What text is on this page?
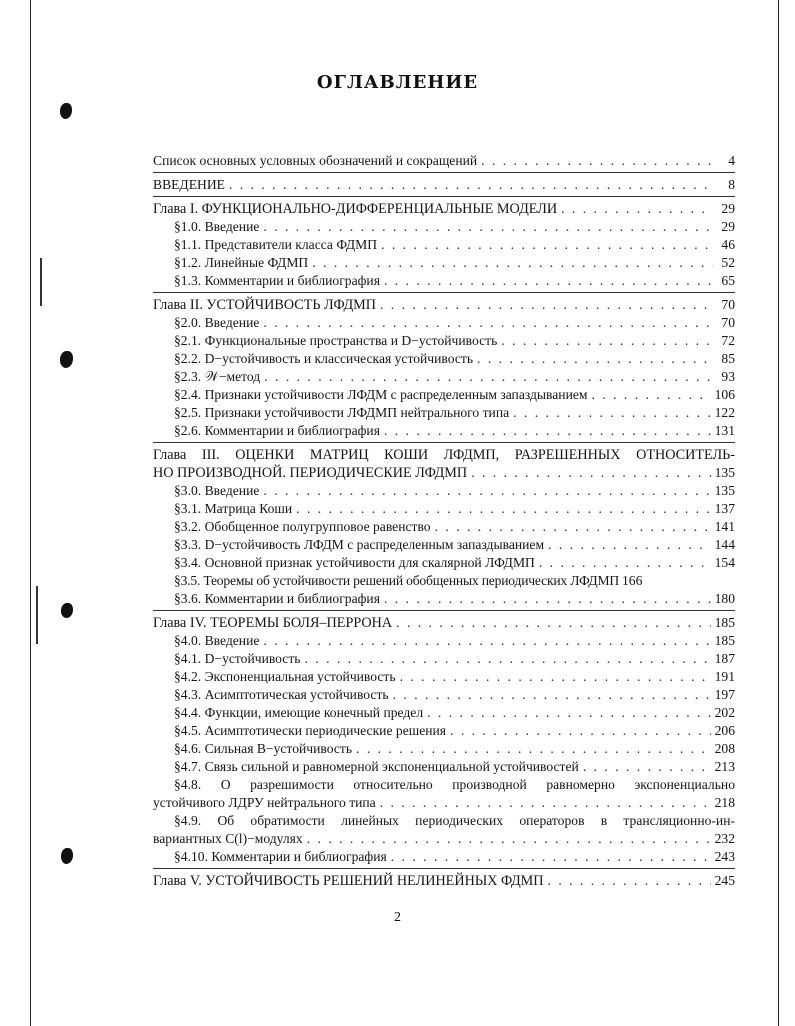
ОГЛАВЛЕНИЕ
Список основных условных обозначений и сокращений . . .	4
ВВЕДЕНИЕ . . .	8
Глава I. ФУНКЦИОНАЛЬНО-ДИФФЕРЕНЦИАЛЬНЫЕ МОДЕЛИ . . .	29
§1.0. Введение . . .	29
§1.1. Представители класса ФДМП . . .	46
§1.2. Линейные ФДМП . . .	52
§1.3. Комментарии и библиография . . .	65
Глава II. УСТОЙЧИВОСТЬ ЛФДМП . . .	70
§2.0. Введение . . .	70
§2.1. Функциональные пространства и D−устойчивость . . .	72
§2.2. D−устойчивость и классическая устойчивость . . .	85
§2.3. 𝒲−метод . . .	93
§2.4. Признаки устойчивости ЛФДМ с распределенным запаздыванием . . .	106
§2.5. Признаки устойчивости ЛФДМП нейтрального типа . . .	122
§2.6. Комментарии и библиография . . .	131
Глава III. ОЦЕНКИ МАТРИЦ КОШИ ЛФДМП, РАЗРЕШЕННЫХ ОТНОСИТЕЛЬ-
НО ПРОИЗВОДНОЙ. ПЕРИОДИЧЕСКИЕ ЛФДМП . . .	135
§3.0. Введение . . .	135
§3.1. Матрица Коши . . .	137
§3.2. Обобщенное полугрупповое равенство . . .	141
§3.3. D−устойчивость ЛФДМ с распределенным запаздыванием . . .	144
§3.4. Основной признак устойчивости для скалярной ЛФДМП . . .	154
§3.5. Теоремы об устойчивости решений обобщенных периодических ЛФДМП 166
§3.6. Комментарии и библиография . . .	180
Глава IV. ТЕОРЕМЫ БОЛЯ–ПЕРРОНА . . .	185
§4.0. Введение . . .	185
§4.1. D−устойчивость . . .	187
§4.2. Экспоненциальная устойчивость . . .	191
§4.3. Асимптотическая устойчивость . . .	197
§4.4. Функции, имеющие конечный предел . . .	202
§4.5. Асимптотически периодические решения . . .	206
§4.6. Сильная B−устойчивость . . .	208
§4.7. Связь сильной и равномерной экспоненциальной устойчивостей . . .	213
§4.8. О разрешимости относительно производной равномерно экспоненциально
устойчивого ЛДРУ нейтрального типа . . .	218
§4.9. Об обратимости линейных периодических операторов в трансляционно-ин-
вариантных C(l)−модулях . . .	232
§4.10. Комментарии и библиография . . .	243
Глава V. УСТОЙЧИВОСТЬ РЕШЕНИЙ НЕЛИНЕЙНЫХ ФДМП . . .	245
2
